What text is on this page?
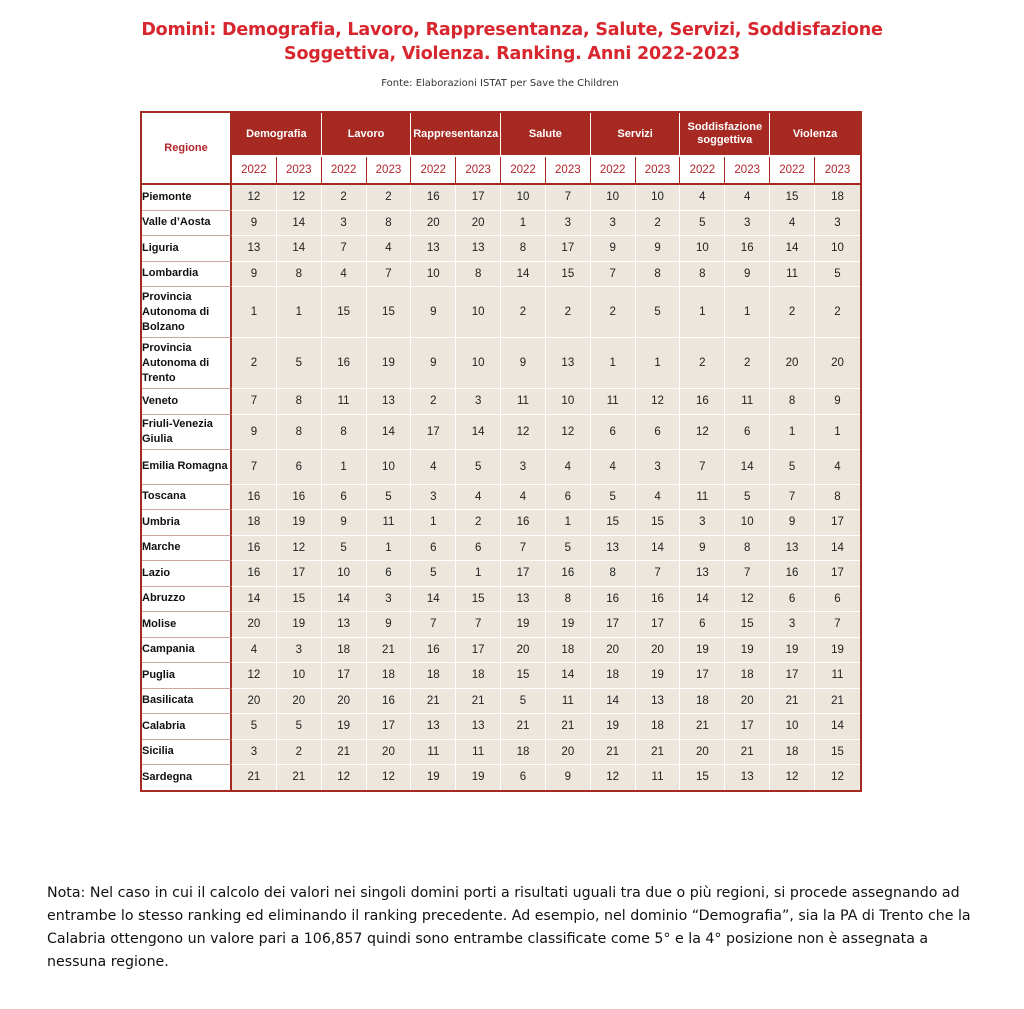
Domini: Demografia, Lavoro, Rappresentanza, Salute, Servizi, Soddisfazione
Soggettiva, Violenza. Ranking. Anni 2022-2023
Fonte: Elaborazioni ISTAT per Save the Children
Regione	Demografia		Lavoro		Rappresentanza		Salute		Servizi		Soddisfazione soggettiva		Violenza	
	2022	2023	2022	2023	2022	2023	2022	2023	2022	2023	2022	2023	2022	2023
Piemonte	12	12	2	2	16	17	10	7	10	10	4	4	15	18
Valle d’Aosta	9	14	3	8	20	20	1	3	3	2	5	3	4	3
Liguria	13	14	7	4	13	13	8	17	9	9	10	16	14	10
Lombardia	9	8	4	7	10	8	14	15	7	8	8	9	11	5
Provincia Autonoma di Bolzano	1	1	15	15	9	10	2	2	2	5	1	1	2	2
Provincia Autonoma di Trento	2	5	16	19	9	10	9	13	1	1	2	2	20	20
Veneto	7	8	11	13	2	3	11	10	11	12	16	11	8	9
Friuli-Venezia Giulia	9	8	8	14	17	14	12	12	6	6	12	6	1	1
Emilia Romagna	7	6	1	10	4	5	3	4	4	3	7	14	5	4
Toscana	16	16	6	5	3	4	4	6	5	4	11	5	7	8
Umbria	18	19	9	11	1	2	16	1	15	15	3	10	9	17
Marche	16	12	5	1	6	6	7	5	13	14	9	8	13	14
Lazio	16	17	10	6	5	1	17	16	8	7	13	7	16	17
Abruzzo	14	15	14	3	14	15	13	8	16	16	14	12	6	6
Molise	20	19	13	9	7	7	19	19	17	17	6	15	3	7
Campania	4	3	18	21	16	17	20	18	20	20	19	19	19	19
Puglia	12	10	17	18	18	18	15	14	18	19	17	18	17	11
Basilicata	20	20	20	16	21	21	5	11	14	13	18	20	21	21
Calabria	5	5	19	17	13	13	21	21	19	18	21	17	10	14
Sicilia	3	2	21	20	11	11	18	20	21	21	20	21	18	15
Sardegna	21	21	12	12	19	19	6	9	12	11	15	13	12	12
Nota: Nel caso in cui il calcolo dei valori nei singoli domini porti a risultati uguali tra due o più regioni, si procede assegnando ad entrambe lo stesso ranking ed eliminando il ranking precedente. Ad esempio, nel dominio “Demografia”, sia la PA di Trento che la Calabria ottengono un valore pari a 106,857 quindi sono entrambe classificate come 5° e la 4° posizione non è assegnata a nessuna regione.
